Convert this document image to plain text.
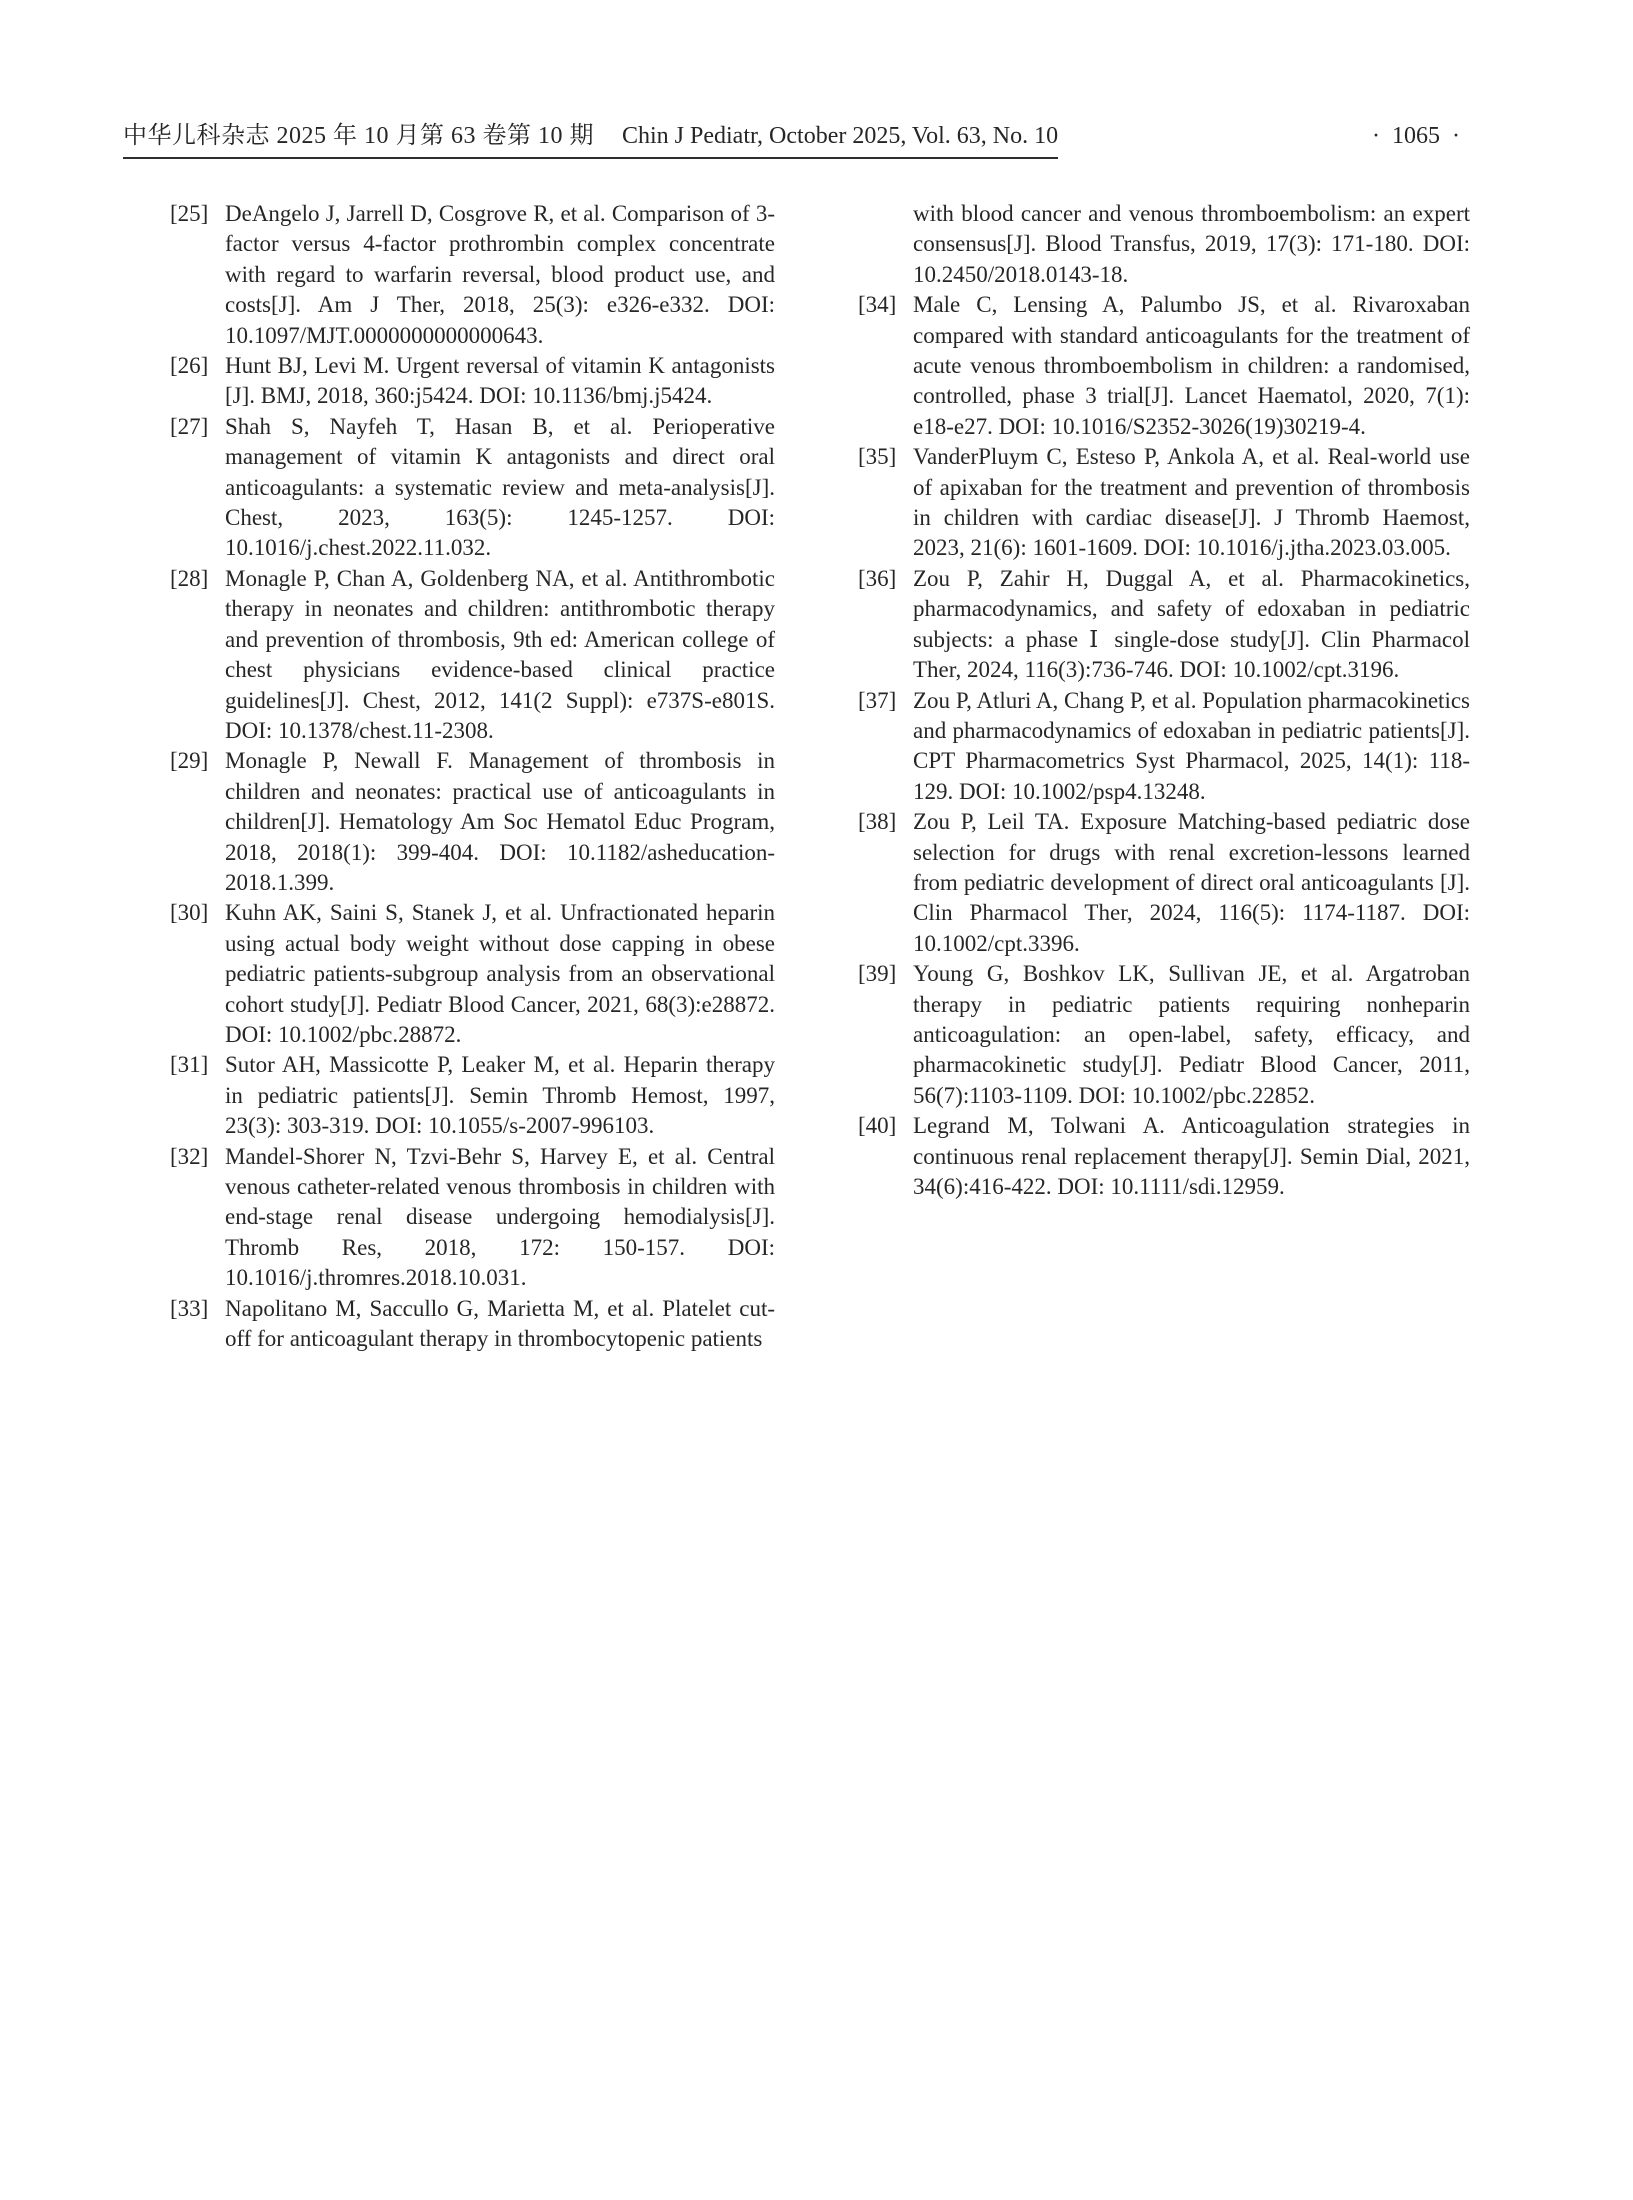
中华儿科杂志 2025 年 10 月第 63 卷第 10 期 Chin J Pediatr, October 2025, Vol. 63, No. 10	· 1065 ·
[25] DeAngelo J, Jarrell D, Cosgrove R, et al. Comparison of 3-factor versus 4-factor prothrombin complex concentrate with regard to warfarin reversal, blood product use, and costs[J]. Am J Ther, 2018, 25(3): e326-e332. DOI: 10.1097/MJT.0000000000000643.
[26] Hunt BJ, Levi M. Urgent reversal of vitamin K antagonists [J]. BMJ, 2018, 360:j5424. DOI: 10.1136/bmj.j5424.
[27] Shah S, Nayfeh T, Hasan B, et al. Perioperative management of vitamin K antagonists and direct oral anticoagulants: a systematic review and meta-analysis[J]. Chest, 2023, 163(5): 1245-1257. DOI: 10.1016/j.chest.2022.11.032.
[28] Monagle P, Chan A, Goldenberg NA, et al. Antithrombotic therapy in neonates and children: antithrombotic therapy and prevention of thrombosis, 9th ed: American college of chest physicians evidence-based clinical practice guidelines[J]. Chest, 2012, 141(2 Suppl): e737S-e801S. DOI: 10.1378/chest.11-2308.
[29] Monagle P, Newall F. Management of thrombosis in children and neonates: practical use of anticoagulants in children[J]. Hematology Am Soc Hematol Educ Program, 2018, 2018(1): 399-404. DOI: 10.1182/asheducation-2018.1.399.
[30] Kuhn AK, Saini S, Stanek J, et al. Unfractionated heparin using actual body weight without dose capping in obese pediatric patients-subgroup analysis from an observational cohort study[J]. Pediatr Blood Cancer, 2021, 68(3):e28872. DOI: 10.1002/pbc.28872.
[31] Sutor AH, Massicotte P, Leaker M, et al. Heparin therapy in pediatric patients[J]. Semin Thromb Hemost, 1997, 23(3): 303-319. DOI: 10.1055/s-2007-996103.
[32] Mandel-Shorer N, Tzvi-Behr S, Harvey E, et al. Central venous catheter-related venous thrombosis in children with end-stage renal disease undergoing hemodialysis[J]. Thromb Res, 2018, 172: 150-157. DOI: 10.1016/j.thromres.2018.10.031.
[33] Napolitano M, Saccullo G, Marietta M, et al. Platelet cut-off for anticoagulant therapy in thrombocytopenic patients
with blood cancer and venous thromboembolism: an expert consensus[J]. Blood Transfus, 2019, 17(3): 171-180. DOI: 10.2450/2018.0143-18.
[34] Male C, Lensing A, Palumbo JS, et al. Rivaroxaban compared with standard anticoagulants for the treatment of acute venous thromboembolism in children: a randomised, controlled, phase 3 trial[J]. Lancet Haematol, 2020, 7(1): e18-e27. DOI: 10.1016/S2352-3026(19)30219-4.
[35] VanderPluym C, Esteso P, Ankola A, et al. Real-world use of apixaban for the treatment and prevention of thrombosis in children with cardiac disease[J]. J Thromb Haemost, 2023, 21(6): 1601-1609. DOI: 10.1016/j.jtha.2023.03.005.
[36] Zou P, Zahir H, Duggal A, et al. Pharmacokinetics, pharmacodynamics, and safety of edoxaban in pediatric subjects: a phase Ⅰ single-dose study[J]. Clin Pharmacol Ther, 2024, 116(3):736-746. DOI: 10.1002/cpt.3196.
[37] Zou P, Atluri A, Chang P, et al. Population pharmacokinetics and pharmacodynamics of edoxaban in pediatric patients[J]. CPT Pharmacometrics Syst Pharmacol, 2025, 14(1): 118-129. DOI: 10.1002/psp4.13248.
[38] Zou P, Leil TA. Exposure Matching-based pediatric dose selection for drugs with renal excretion-lessons learned from pediatric development of direct oral anticoagulants [J]. Clin Pharmacol Ther, 2024, 116(5): 1174-1187. DOI: 10.1002/cpt.3396.
[39] Young G, Boshkov LK, Sullivan JE, et al. Argatroban therapy in pediatric patients requiring nonheparin anticoagulation: an open-label, safety, efficacy, and pharmacokinetic study[J]. Pediatr Blood Cancer, 2011, 56(7):1103-1109. DOI: 10.1002/pbc.22852.
[40] Legrand M, Tolwani A. Anticoagulation strategies in continuous renal replacement therapy[J]. Semin Dial, 2021, 34(6):416-422. DOI: 10.1111/sdi.12959.
